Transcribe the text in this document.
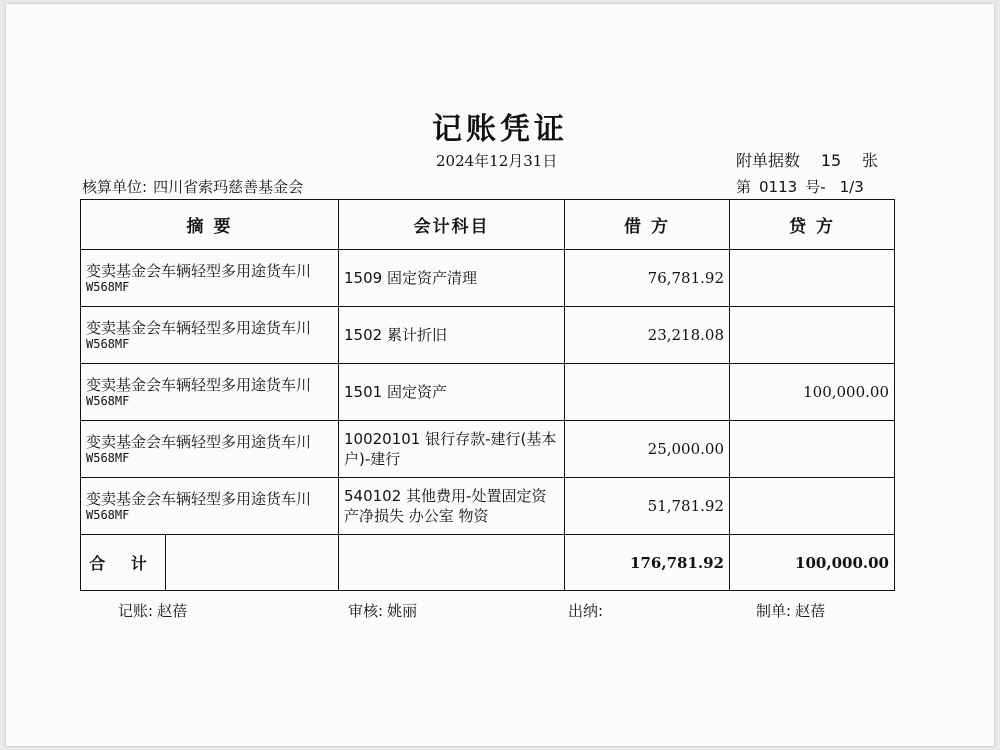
记账凭证
2024年12月31日	附单据数 15 张
核算单位: 四川省索玛慈善基金会	第 0113 号- 1/3
摘 要	会计科目	借 方	贷 方

变卖基金会车辆轻型多用途货车川
W568MF	1509 固定资产清理	76,781.92	

变卖基金会车辆轻型多用途货车川
W568MF	1502 累计折旧	23,218.08	

变卖基金会车辆轻型多用途货车川
W568MF	1501 固定资产		100,000.00

变卖基金会车辆轻型多用途货车川
W568MF	10020101 银行存款-建行(基本户)-建行	25,000.00	

变卖基金会车辆轻型多用途货车川
W568MF	540102 其他费用-处置固定资产净损失 办公室 物资	51,781.92	

合 计		176,781.92	100,000.00
记账: 赵蓓	审核: 姚丽	出纳:	制单: 赵蓓
